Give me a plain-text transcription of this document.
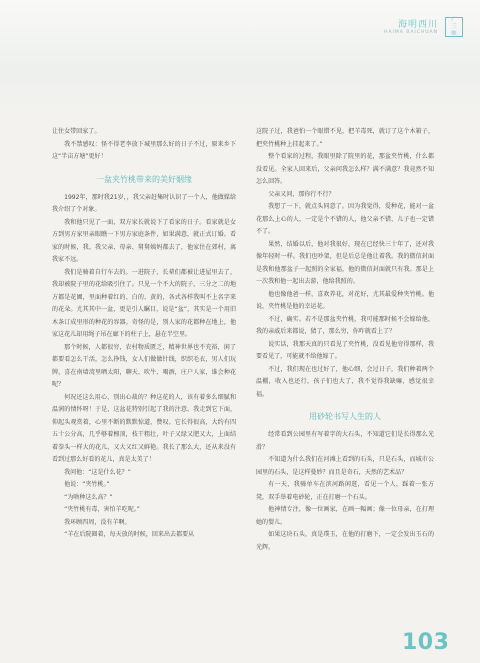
海明西川
HAIMA BAICHUAN
广
三
峡

让住女带回家了。

我不禁感叹：怪不得老李放下城里那么好的日子不过，原来乡下这“半亩方塘”更好！

一盆夹竹桃带来的美好姻缘

1992年，那时我21岁，，我父亲赶集时认识了一个人，他做媒给我介绍了个对象。

我和他只见了一面，双方家长就说下了看家的日子。看家就是女方到男方家里亲眼瞧一下男方家庭条件，如果满意，就正式订婚。看家的时候，我、我父亲、母亲、舅舅姨妈都去了，他家住在郊村，离我家不远。

我们是骑着自行车去的。一进院子，长辈们都被让进屋里去了，我却被院子里的花给吸引住了。只见一个不大的院子，三分之二的地方都是花圃，里面种着红的、白的、黄的，各式各样我叫不上名字来的花朵。尤其其中一盆，更是引人瞩目，说是“盆”，其实是一个用旧木条订成里形的种花的容器。奇怪的是，别人家的花都种在地上，他家这花儿却用绳子吊在廊下的柱子上，悬在半空里。

那个时候，人都很穷，农村物质匮乏，精神世界也不充裕，闲了都要看怎么干活，怎么挣钱，女人们做做针线，织织毛衣，男人们玩牌，喜在南墙湾里晒太阳，聊天、吹牛、喝酒，庄户人家，谁会种花呢？

何况还这么用心，别出心裁的？种这花的人，该有着多么细腻和温润的情怀呀！于是，这盆花特别引起了我的注意。我走到它下面，仰起头观赏着，心里不断的默默惊道，赞叹。它长得很高，大约有四五十公分高，几乎够着檩顶，枝干粗壮，叶子又绿又肥又大，上面结着拳头一样大的花儿，又大又红又鲜艳。我长了那么大，还从来没有看到过那么好看的花儿，真是太美了！

我问他：“这是什么花？”

他说：“夹竹桃。”

“为啥种这么高？”

“夹竹桃有毒，害怕羊吃呢。”

我环顾四周，没有羊啊。

“羊在后院圈着，每天放的时候，回来出去都要从

这院子过，我爸怕一个眼错不见，把羊毒死，就订了这个木箱子，把夹竹桃种上挂起来了。”

整个看家的过程，我眼里除了院里的花，那盆夹竹桃，什么都没看见。全家人回来后，父亲问我怎么样？满不满意？我竟然不知怎么回答。

父亲又问，那你行不行？

我想了一下，就点头同意了。因为我觉得，爱种花，能对一盆花那么上心的人，一定是个不错的人，他父亲不错，儿子也一定错不了。

果然，结婚以后，他对我很好，现在已经快三十年了，还对我像年轻时一样。我们也吵架，但是后总是他让着我。我的微信封面是我和他那盆子一起照的全家福，他的微信封面就只有我。那是上一次我和他一起出去游，他给我照的。

他也像他爸一样，喜欢养花，对花好，尤其最爱种夹竹桃。他说，夹竹桃是他的幸运花。

不过，确实。若不是那盆夹竹桃，我可能那时候不会嫁给他，我的亲戚后来都说，猜了，那么穷，你咋就看上了？

说实话，我那天真的只看见了夹竹桃，没看见他穷得那样，我要看见了，可能就不给他嫁了。

不过，我们现在也过好了，他心细，会过日子，我们种着两个温棚，收入也还行，孩子们也大了，我不觉得我缺嘛，感觉很幸福。

用砂轮书写人生的人

经常看到公园里有写着字的大石头，不知道它们是长得那么光滑？

不知道为什么我们在河滩上看到的石头，只是石头，而城市公园里的石头，是这样曼妙？而且是奇石，天然的艺术品？

有一天，我骑单车在滨河路闲逛，看见一个人，踩着一张方凳，双手举着电砂轮，正在打磨一个石头。

他神情专注，像一位画家，在画一幅画；像一位母亲，在打理她的婴儿。

如果这块石头，真是璞玉，在他的打磨下，一定会发出玉石的光辉。

103
